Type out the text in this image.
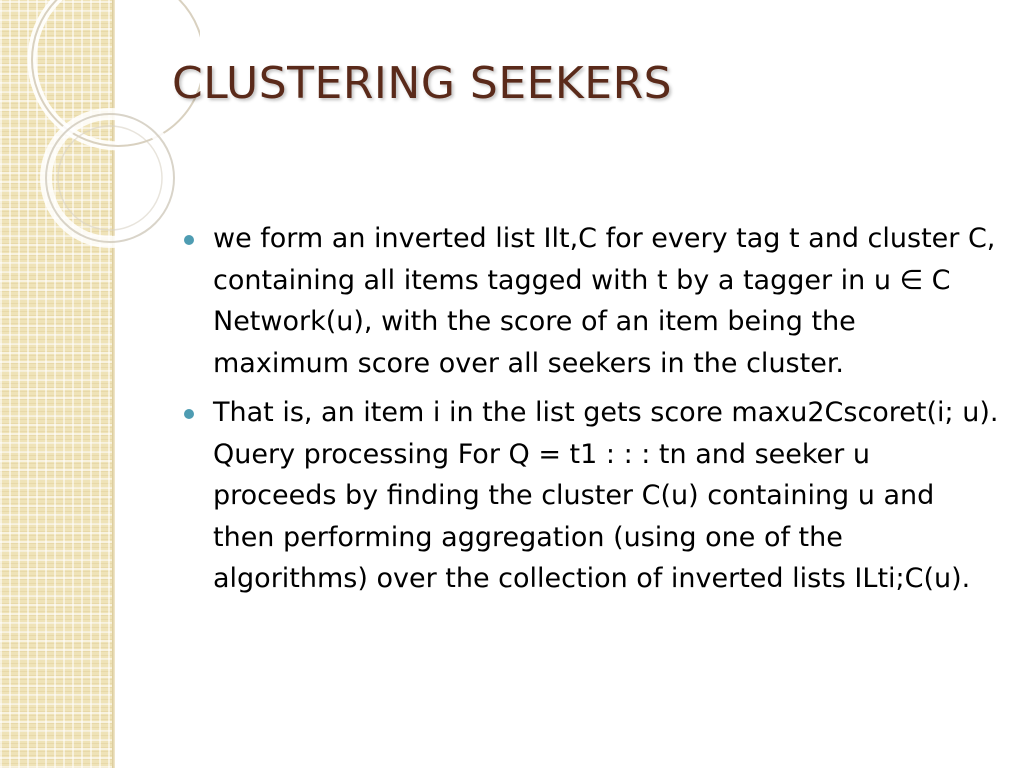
CLUSTERING SEEKERS
we form an inverted list Ilt,C for every tag t and cluster C, containing all items tagged with t by a tagger in u ∈ C Network(u), with the score of an item being the maximum score over all seekers in the cluster.
That is, an item i in the list gets score maxu2Cscoret(i; u). Query processing For Q = t1 : : : tn and seeker u proceeds by finding the cluster C(u) containing u and then performing aggregation (using one of the algorithms) over the collection of inverted lists ILti;C(u).
